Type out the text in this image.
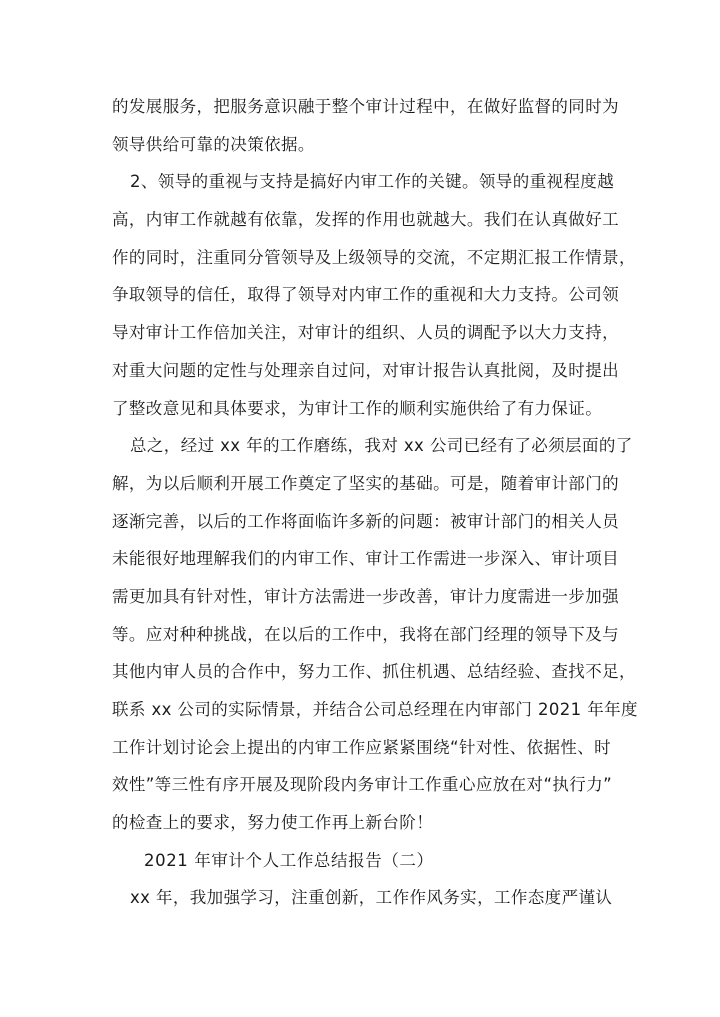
的发展服务，把服务意识融于整个审计过程中，在做好监督的同时为
领导供给可靠的决策依据。
2、领导的重视与支持是搞好内审工作的关键。领导的重视程度越
高，内审工作就越有依靠，发挥的作用也就越大。我们在认真做好工
作的同时，注重同分管领导及上级领导的交流，不定期汇报工作情景，
争取领导的信任，取得了领导对内审工作的重视和大力支持。公司领
导对审计工作倍加关注，对审计的组织、人员的调配予以大力支持，
对重大问题的定性与处理亲自过问，对审计报告认真批阅，及时提出
了整改意见和具体要求，为审计工作的顺利实施供给了有力保证。
总之，经过 xx 年的工作磨练，我对 xx 公司已经有了必须层面的了
解，为以后顺利开展工作奠定了坚实的基础。可是，随着审计部门的
逐渐完善，以后的工作将面临许多新的问题：被审计部门的相关人员
未能很好地理解我们的内审工作、审计工作需进一步深入、审计项目
需更加具有针对性，审计方法需进一步改善，审计力度需进一步加强
等。应对种种挑战，在以后的工作中，我将在部门经理的领导下及与
其他内审人员的合作中，努力工作、抓住机遇、总结经验、查找不足，
联系 xx 公司的实际情景，并结合公司总经理在内审部门 2021 年年度
工作计划讨论会上提出的内审工作应紧紧围绕“针对性、依据性、时
效性”等三性有序开展及现阶段内务审计工作重心应放在对“执行力”
的检查上的要求，努力使工作再上新台阶！
2021 年审计个人工作总结报告（二）
xx 年，我加强学习，注重创新，工作作风务实，工作态度严谨认
